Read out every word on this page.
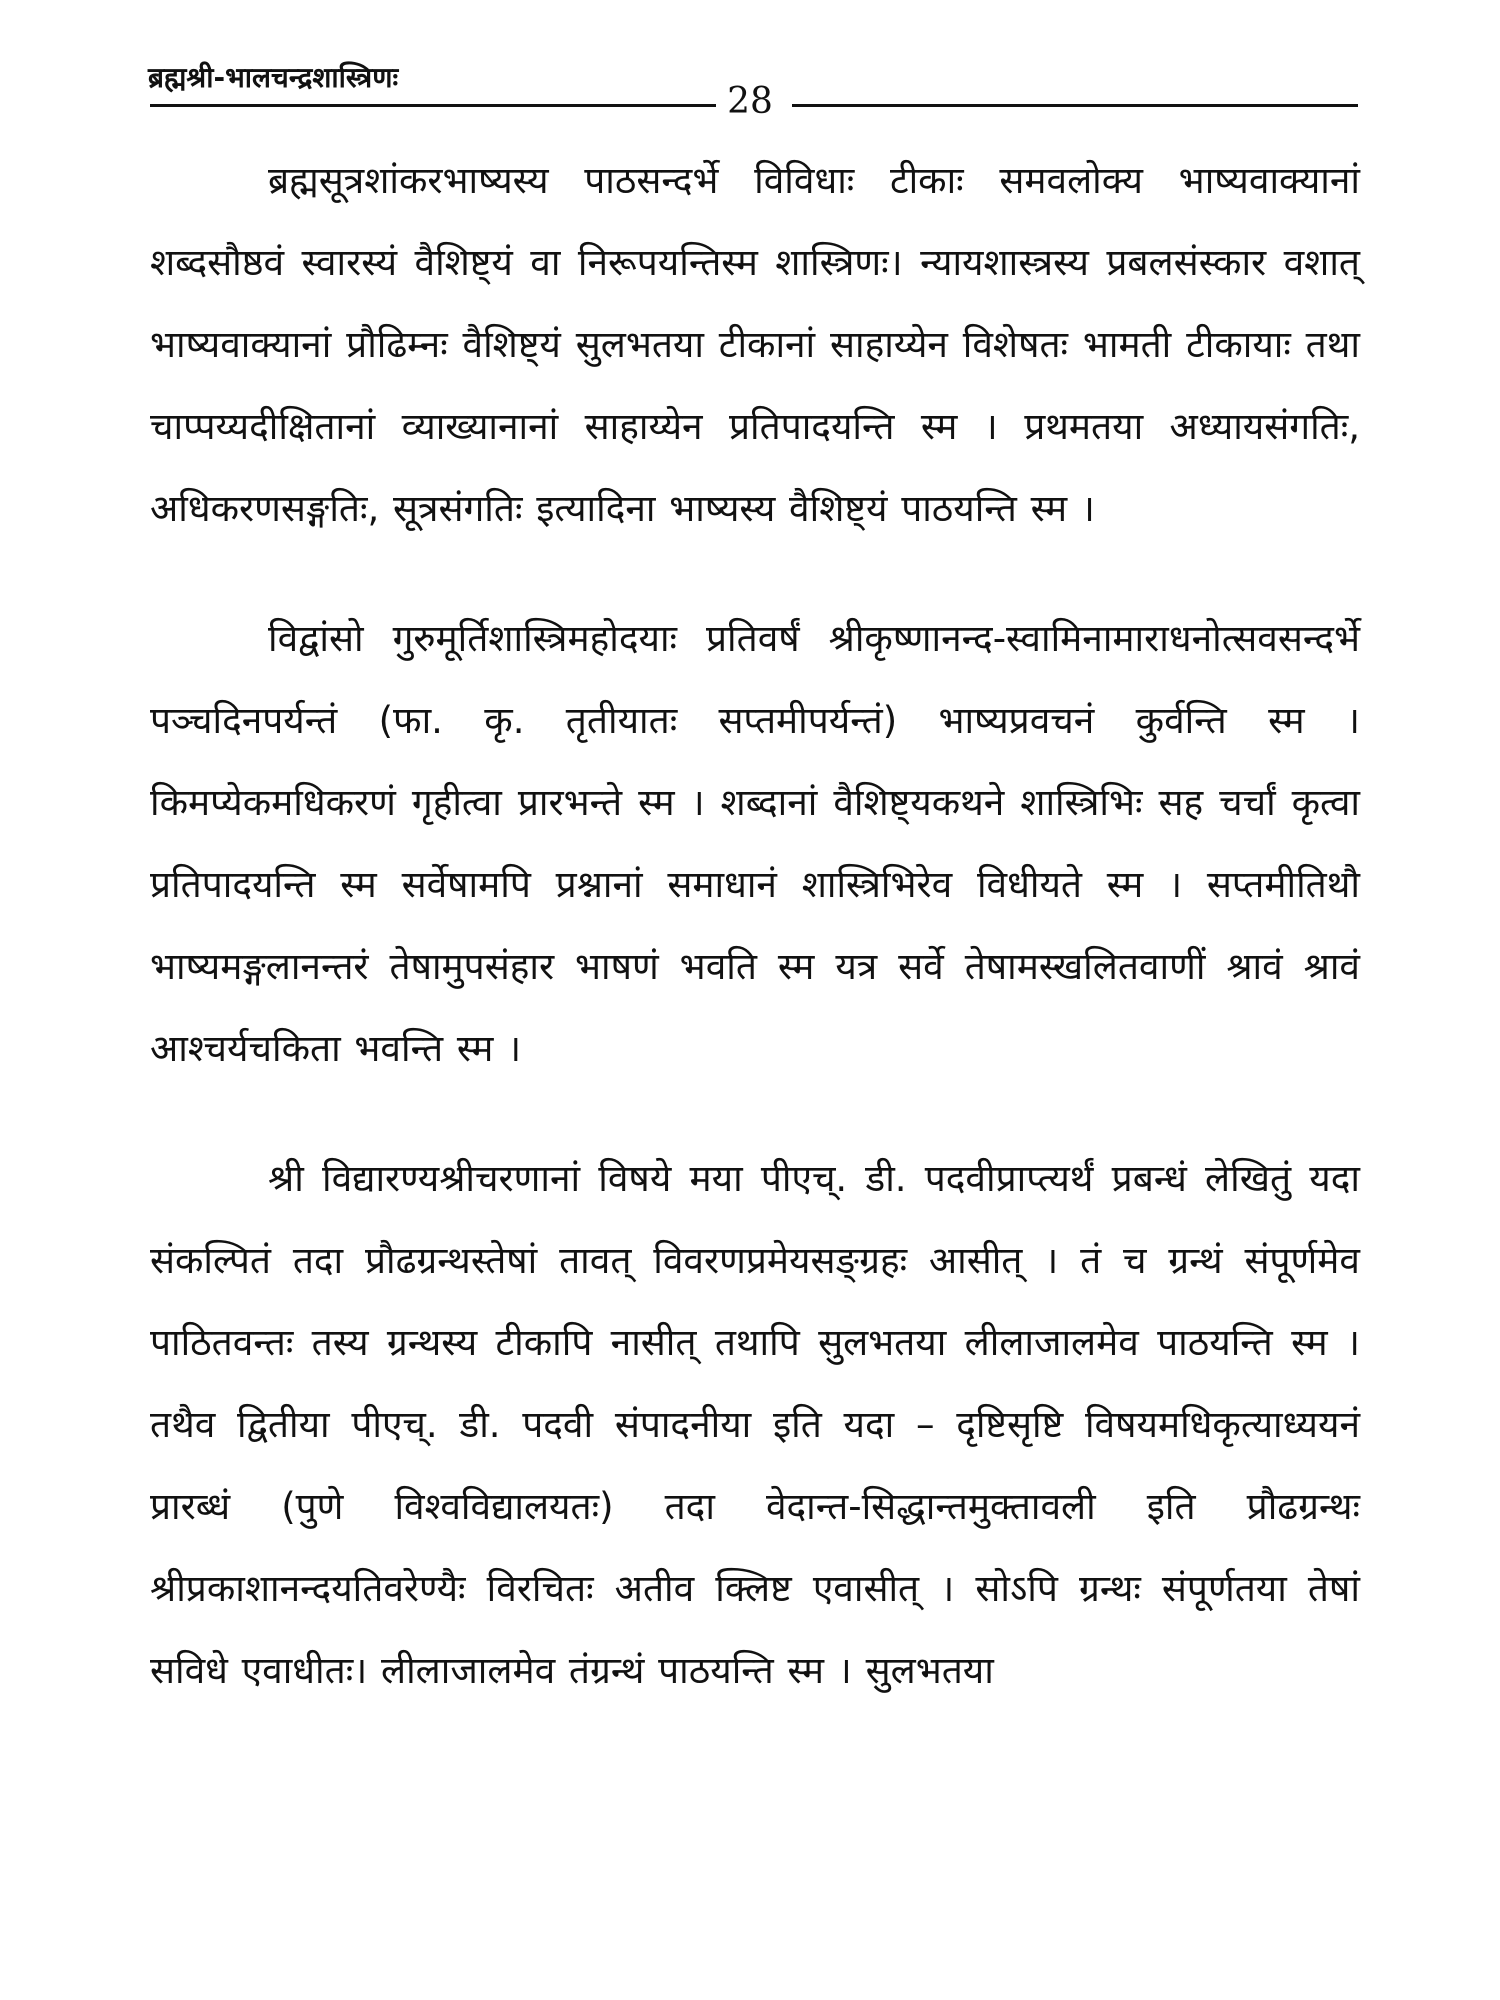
ब्रह्मश्री-भालचन्द्रशास्त्रिणः
28

ब्रह्मसूत्रशांकरभाष्यस्य पाठसन्दर्भे विविधाः टीकाः समवलोक्य भाष्यवाक्यानां शब्दसौष्ठवं स्वारस्यं वैशिष्ट्यं वा निरूपयन्तिस्म शास्त्रिणः। न्यायशास्त्रस्य प्रबलसंस्कार वशात् भाष्यवाक्यानां प्रौढिम्नः वैशिष्ट्यं सुलभतया टीकानां साहाय्येन विशेषतः भामती टीकायाः तथा चाप्पय्यदीक्षितानां व्याख्यानानां साहाय्येन प्रतिपादयन्ति स्म । प्रथमतया अध्यायसंगतिः, अधिकरणसङ्गतिः, सूत्रसंगतिः इत्यादिना भाष्यस्य वैशिष्ट्यं पाठयन्ति स्म ।

विद्वांसो गुरुमूर्तिशास्त्रिमहोदयाः प्रतिवर्षं श्रीकृष्णानन्द-स्वामिनामाराधनोत्सवसन्दर्भे पञ्चदिनपर्यन्तं (फा. कृ. तृतीयातः सप्तमीपर्यन्तं) भाष्यप्रवचनं कुर्वन्ति स्म । किमप्येकमधिकरणं गृहीत्वा प्रारभन्ते स्म । शब्दानां वैशिष्ट्यकथने शास्त्रिभिः सह चर्चां कृत्वा प्रतिपादयन्ति स्म सर्वेषामपि प्रश्नानां समाधानं शास्त्रिभिरेव विधीयते स्म । सप्तमीतिथौ भाष्यमङ्गलानन्तरं तेषामुपसंहार भाषणं भवति स्म यत्र सर्वे तेषामस्खलितवाणीं श्रावं श्रावं आश्चर्यचकिता भवन्ति स्म ।

श्री विद्यारण्यश्रीचरणानां विषये मया पीएच्. डी. पदवीप्राप्त्यर्थं प्रबन्धं लेखितुं यदा संकल्पितं तदा प्रौढग्रन्थस्तेषां तावत् विवरणप्रमेयसङ्ग्रहः आसीत् । तं च ग्रन्थं संपूर्णमेव पाठितवन्तः तस्य ग्रन्थस्य टीकापि नासीत् तथापि सुलभतया लीलाजालमेव पाठयन्ति स्म । तथैव द्वितीया पीएच्. डी. पदवी संपादनीया इति यदा – दृष्टिसृष्टि विषयमधिकृत्याध्ययनं प्रारब्धं (पुणे विश्वविद्यालयतः) तदा वेदान्त-सिद्धान्तमुक्तावली इति प्रौढग्रन्थः श्रीप्रकाशानन्दयतिवरेण्यैः विरचितः अतीव क्लिष्ट एवासीत् । सोऽपि ग्रन्थः संपूर्णतया तेषां सविधे एवाधीतः। लीलाजालमेव तंग्रन्थं पाठयन्ति स्म । सुलभतया
